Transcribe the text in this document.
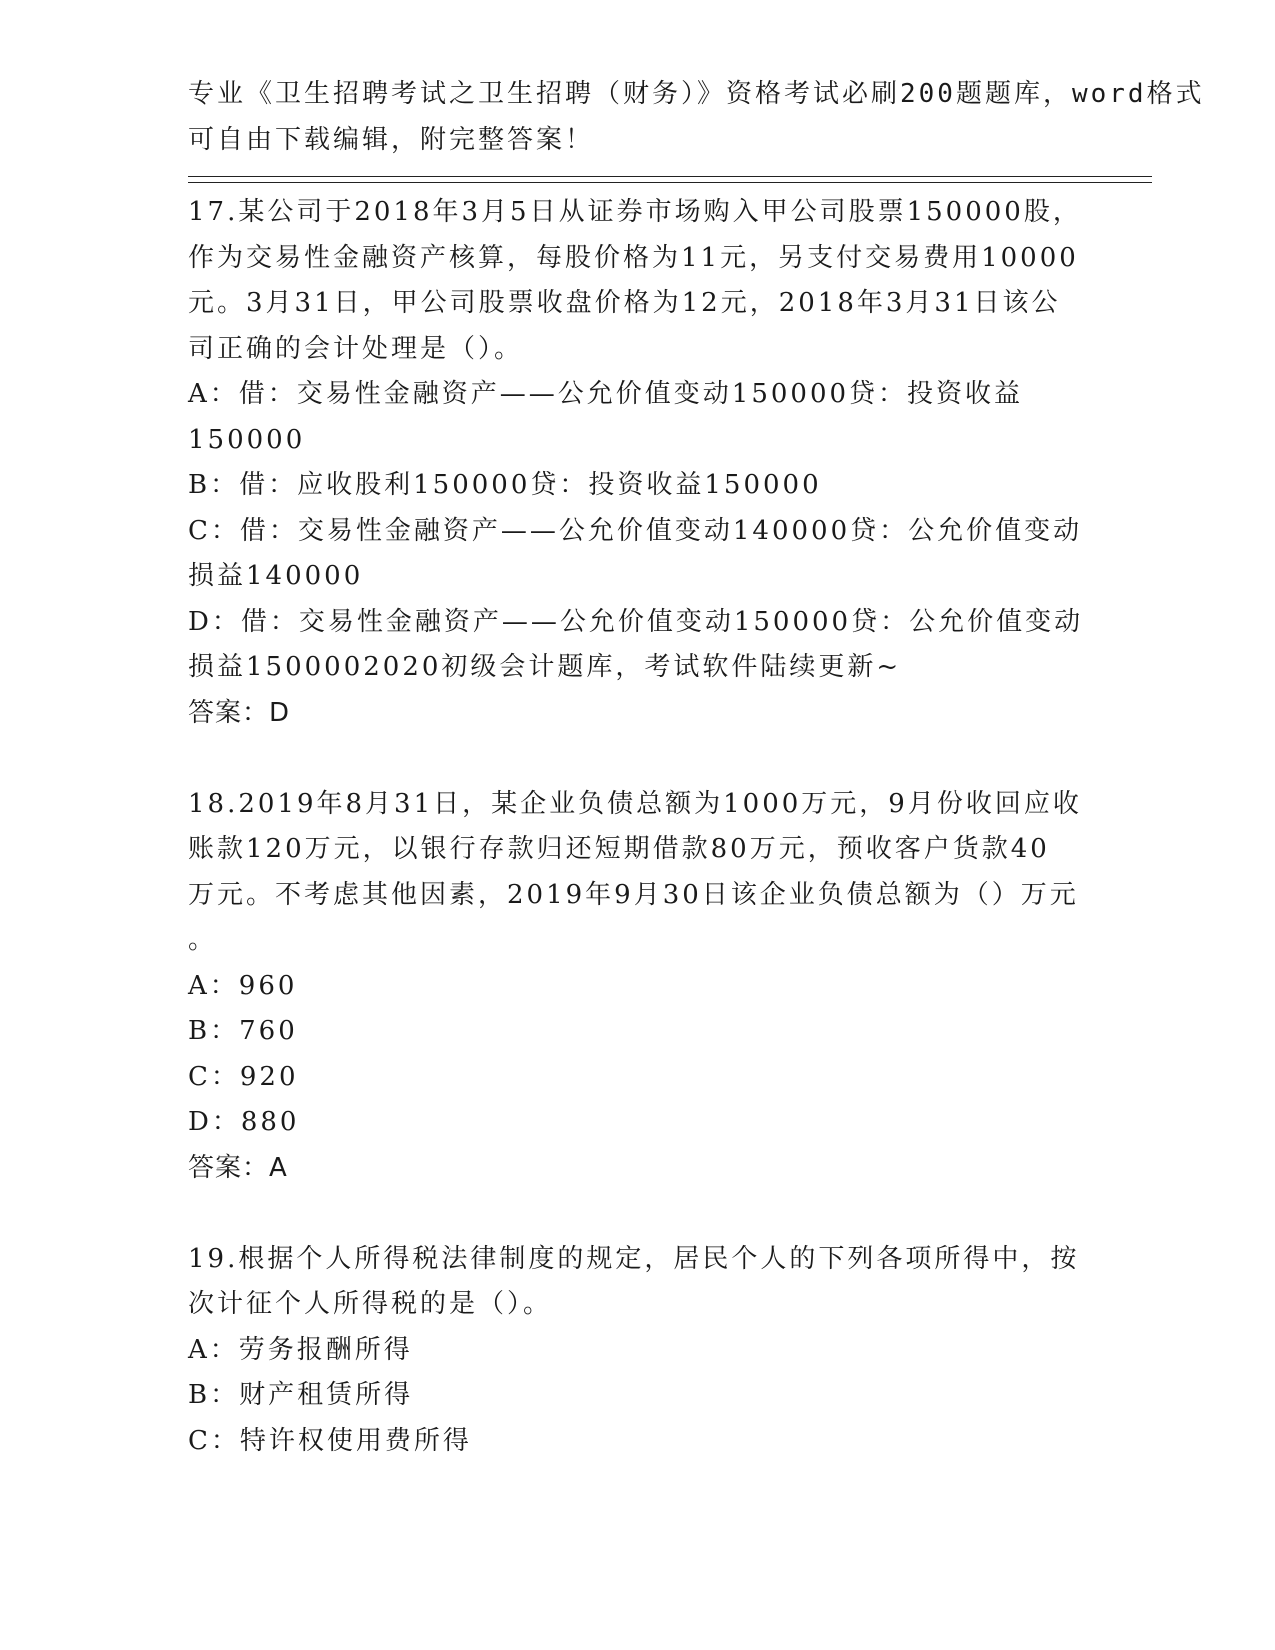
专业《卫生招聘考试之卫生招聘（财务）》资格考试必刷200题题库，word格式
可自由下载编辑，附完整答案！
17.某公司于2018年3月5日从证券市场购入甲公司股票150000股，
作为交易性金融资产核算，每股价格为11元，另支付交易费用10000
元。3月31日，甲公司股票收盘价格为12元，2018年3月31日该公
司正确的会计处理是（）。
A：借：交易性金融资产——公允价值变动150000贷：投资收益
150000
B：借：应收股利150000贷：投资收益150000
C：借：交易性金融资产——公允价值变动140000贷：公允价值变动
损益140000
D：借：交易性金融资产——公允价值变动150000贷：公允价值变动
损益1500002020初级会计题库，考试软件陆续更新~
答案：D
18.2019年8月31日，某企业负债总额为1000万元，9月份收回应收
账款120万元，以银行存款归还短期借款80万元，预收客户货款40
万元。不考虑其他因素，2019年9月30日该企业负债总额为（）万元
。
A：960
B：760
C：920
D：880
答案：A
19.根据个人所得税法律制度的规定，居民个人的下列各项所得中，按
次计征个人所得税的是（）。
A：劳务报酬所得
B：财产租赁所得
C：特许权使用费所得
